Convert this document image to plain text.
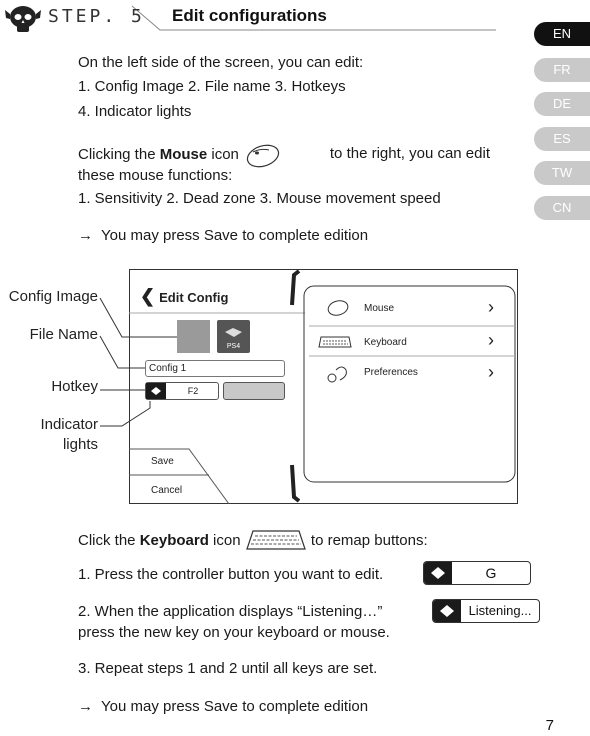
STEP. 5 Edit configurations
EN
FR
DE
ES
TW
CN
On the left side of the screen, you can edit:
1. Config Image 2. File name 3. Hotkeys
4. Indicator lights
Clicking the Mouse icon	to the right, you can edit
these mouse functions:
1. Sensitivity 2. Dead zone 3. Mouse movement speed
→ You may press Save to complete edition
Config Image
File Name
Hotkey
Indicator
lights
❮ Edit Config
PS4
Config 1
F2
Save
Cancel
Mouse	›
Keyboard	›
Preferences	›
Click the Keyboard icon	to remap buttons:
1. Press the controller button you want to edit.	G
2. When the application displays “Listening…”
press the new key on your keyboard or mouse.
Listening...
3. Repeat steps 1 and 2 until all keys are set.
→ You may press Save to complete edition
7
